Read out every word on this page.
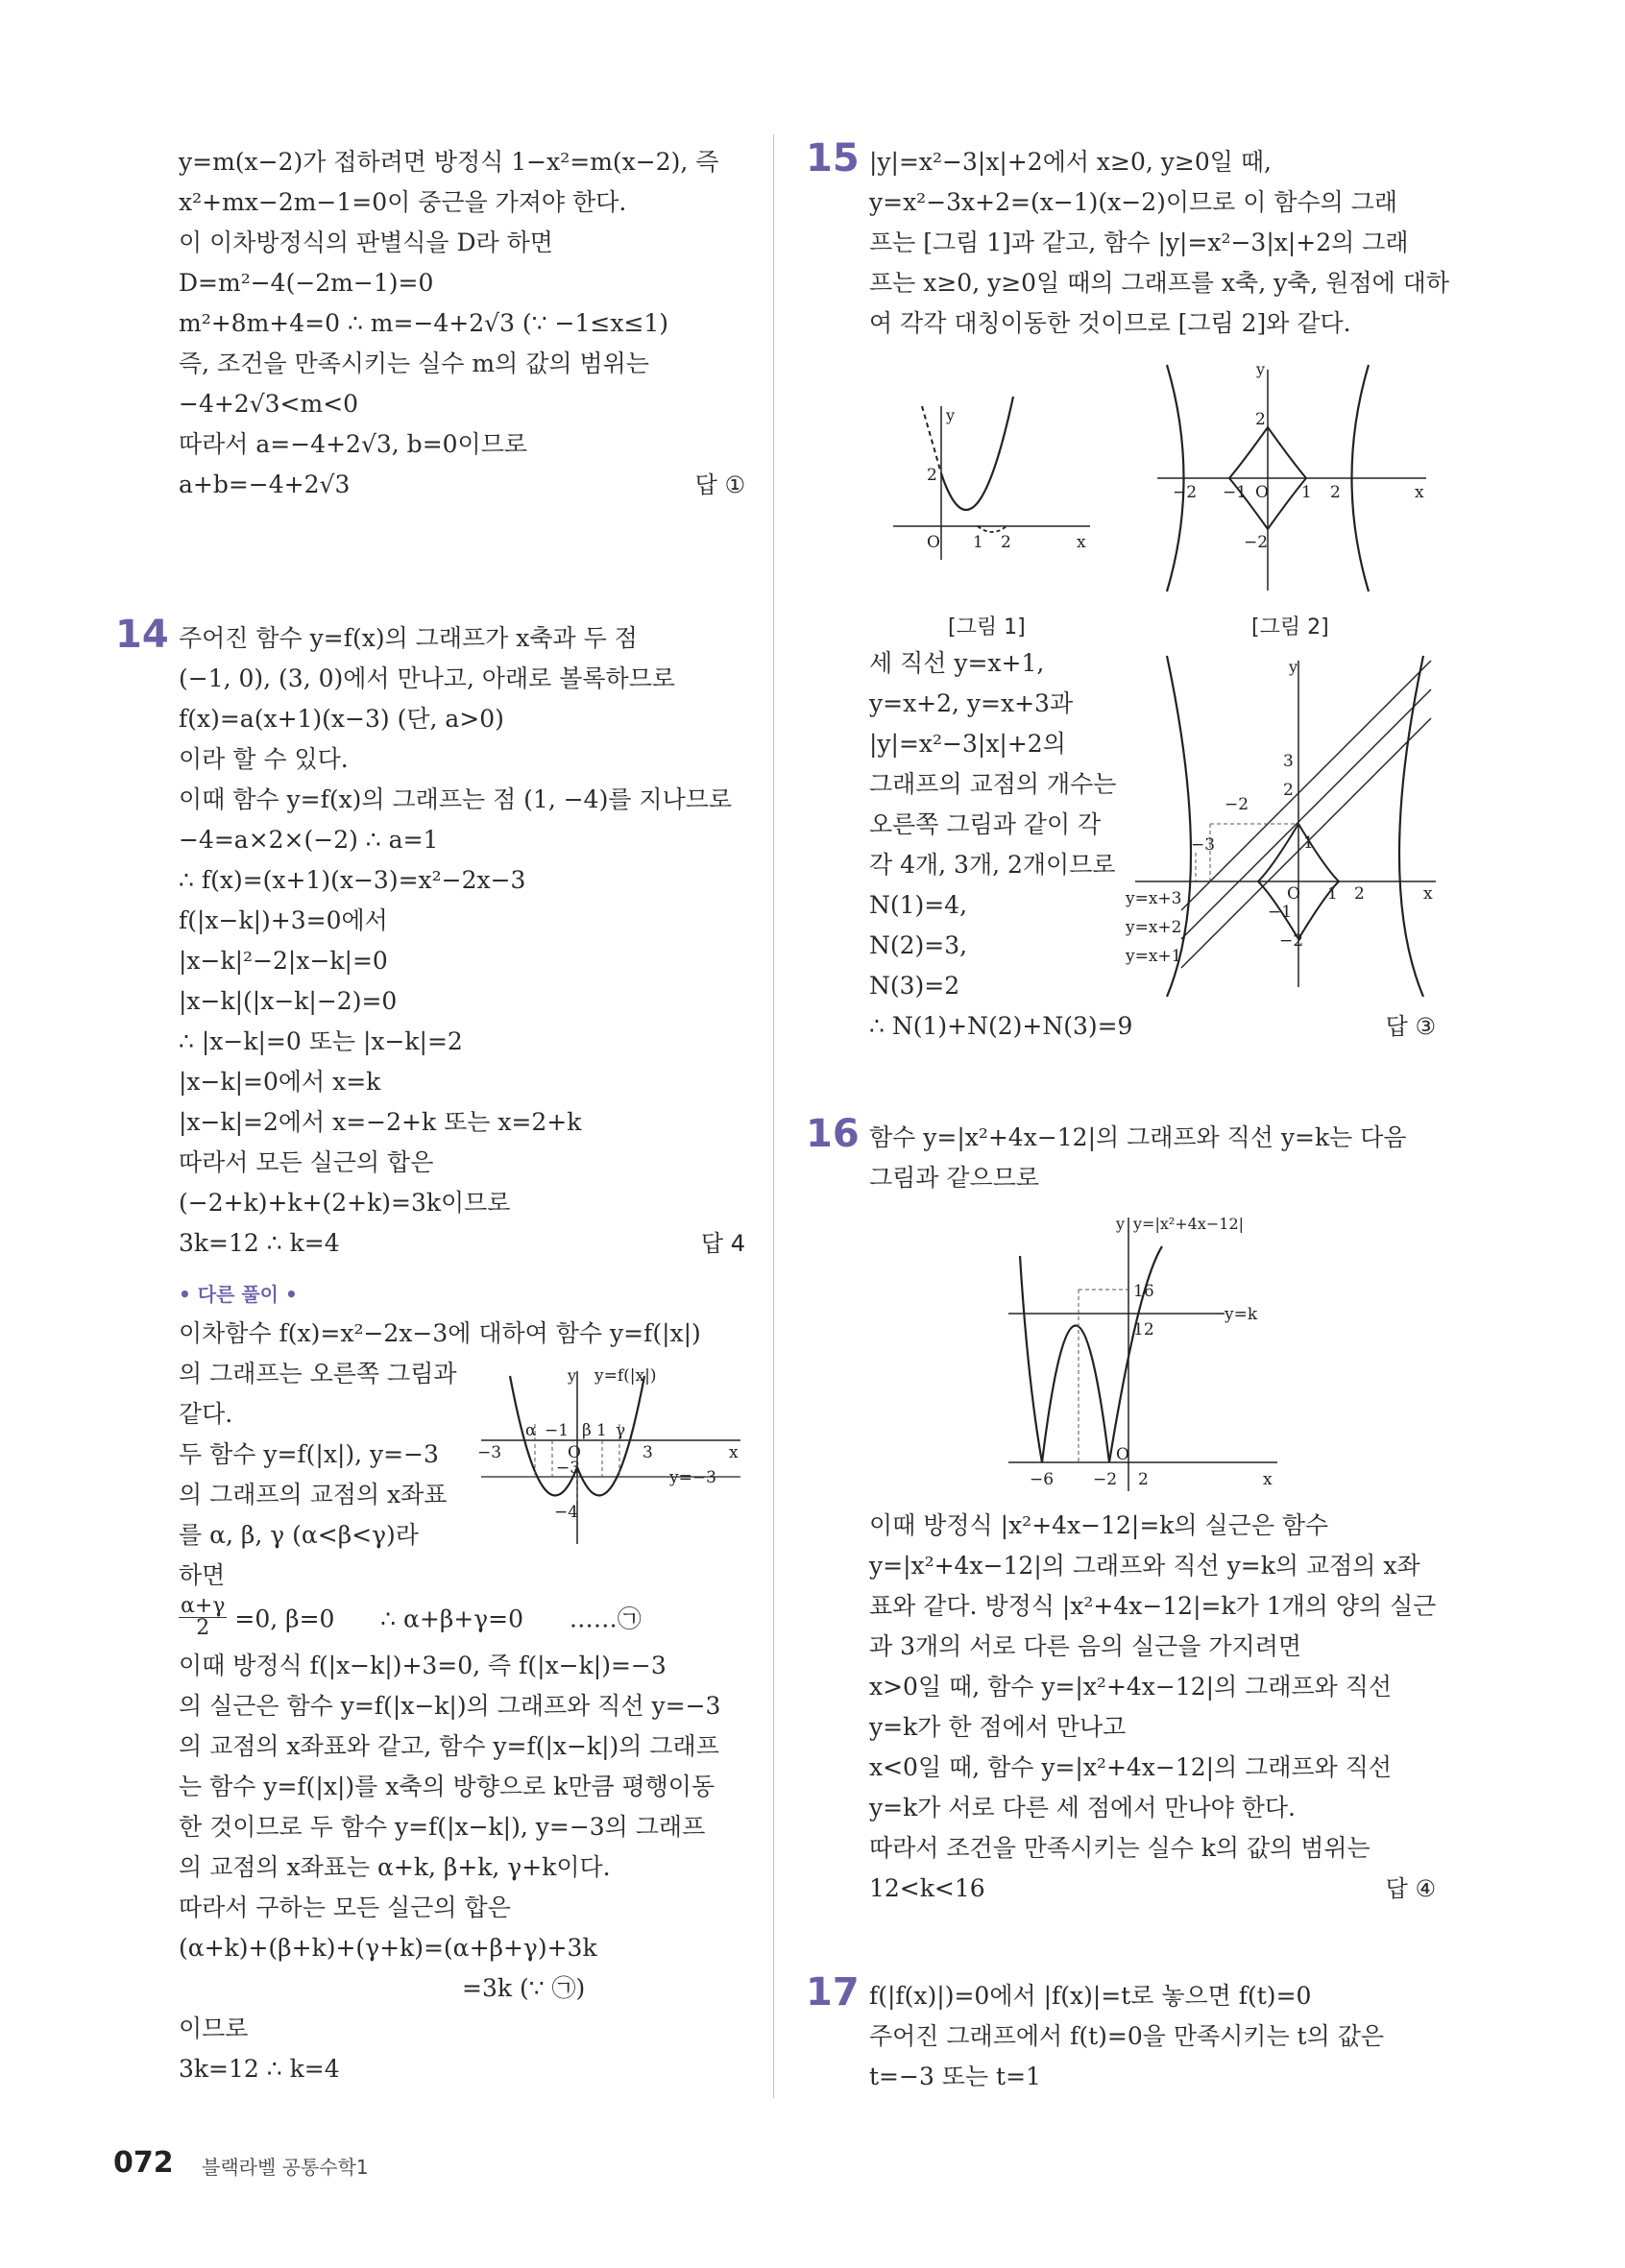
y=m(x−2)가 접하려면 방정식 1−x²=m(x−2), 즉
x²+mx−2m−1=0이 중근을 가져야 한다.
이 이차방정식의 판별식을 D라 하면
D=m²−4(−2m−1)=0
m²+8m+4=0 ∴ m=−4+2√3 (∵ −1≤x≤1)
즉, 조건을 만족시키는 실수 m의 값의 범위는
−4+2√3<m<0
따라서 a=−4+2√3, b=0이므로
a+b=−4+2√3	답 ①
14 주어진 함수 y=f(x)의 그래프가 x축과 두 점
(−1, 0), (3, 0)에서 만나고, 아래로 볼록하므로
f(x)=a(x+1)(x−3) (단, a>0)
이라 할 수 있다.
이때 함수 y=f(x)의 그래프는 점 (1, −4)를 지나므로
−4=a×2×(−2) ∴ a=1
∴ f(x)=(x+1)(x−3)=x²−2x−3
f(|x−k|)+3=0에서
|x−k|²−2|x−k|=0
|x−k|(|x−k|−2)=0
∴ |x−k|=0 또는 |x−k|=2
|x−k|=0에서 x=k
|x−k|=2에서 x=−2+k 또는 x=2+k
따라서 모든 실근의 합은
(−2+k)+k+(2+k)=3k이므로
3k=12 ∴ k=4	답 4
• 다른 풀이 •
이차함수 f(x)=x²−2x−3에 대하여 함수 y=f(|x|)
의 그래프는 오른쪽 그림과
같다.
두 함수 y=f(|x|), y=−3
의 그래프의 교점의 x좌표
를 α, β, γ (α<β<γ)라
하면
$\frac{\alpha+\gamma}{2} =0$, β=0      ∴ α+β+γ=0      ……㉠
이때 방정식 f(|x−k|)+3=0, 즉 f(|x−k|)=−3
의 실근은 함수 y=f(|x−k|)의 그래프와 직선 y=−3
의 교점의 x좌표와 같고, 함수 y=f(|x−k|)의 그래프
는 함수 y=f(|x|)를 x축의 방향으로 k만큼 평행이동
한 것이므로 두 함수 y=f(|x−k|), y=−3의 그래프
의 교점의 x좌표는 α+k, β+k, γ+k이다.
따라서 구하는 모든 실근의 합은
(α+k)+(β+k)+(γ+k)=(α+β+γ)+3k
=3k (∵ ㉠)
이므로
3k=12 ∴ k=4
y y=f(|x|)
α −1 β 1 γ
−3	O	3	x
−3	y=−3
−4
15 |y|=x²−3|x|+2에서 x≥0, y≥0일 때,
y=x²−3x+2=(x−1)(x−2)이므로 이 함수의 그래
프는 [그림 1]과 같고, 함수 |y|=x²−3|x|+2의 그래
프는 x≥0, y≥0일 때의 그래프를 x축, y축, 원점에 대하
여 각각 대칭이동한 것이므로 [그림 2]와 같다.
y
2
O 1 2	x
y
2
−2 −1 O 1 2	x
−2
[그림 1]	[그림 2]
세 직선 y=x+1,
y=x+2, y=x+3과
|y|=x²−3|x|+2의
그래프의 교점의 개수는
오른쪽 그림과 같이 각
각 4개, 3개, 2개이므로
N(1)=4,
N(2)=3,
N(3)=2
∴ N(1)+N(2)+N(3)=9	답 ③
y
3
2
−2
−3	1
O 1 2	x
−1
−2
y=x+3
y=x+2
y=x+1
16 함수 y=|x²+4x−12|의 그래프와 직선 y=k는 다음
그림과 같으므로
y y=|x²+4x−12|
16
12
y=k
O
−6 −2 2	x
이때 방정식 |x²+4x−12|=k의 실근은 함수
y=|x²+4x−12|의 그래프와 직선 y=k의 교점의 x좌
표와 같다. 방정식 |x²+4x−12|=k가 1개의 양의 실근
과 3개의 서로 다른 음의 실근을 가지려면
x>0일 때, 함수 y=|x²+4x−12|의 그래프와 직선
y=k가 한 점에서 만나고
x<0일 때, 함수 y=|x²+4x−12|의 그래프와 직선
y=k가 서로 다른 세 점에서 만나야 한다.
따라서 조건을 만족시키는 실수 k의 값의 범위는
12<k<16	답 ④
17 f(|f(x)|)=0에서 |f(x)|=t로 놓으면 f(t)=0
주어진 그래프에서 f(t)=0을 만족시키는 t의 값은
t=−3 또는 t=1
072 블랙라벨 공통수학1
